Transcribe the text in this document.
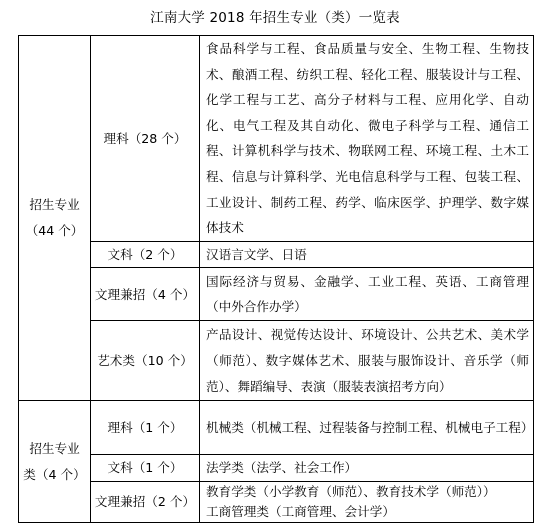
江南大学 2018 年招生专业（类）一览表
招生专业
（44 个）	理科（28 个）	食品科学与工程、食品质量与安全、生物工程、生物技术、酿酒工程、纺织工程、轻化工程、服装设计与工程、化学工程与工艺、高分子材料与工程、应用化学、自动化、电气工程及其自动化、微电子科学与工程、通信工程、计算机科学与技术、物联网工程、环境工程、土木工程、信息与计算科学、光电信息科学与工程、包装工程、工业设计、制药工程、药学、临床医学、护理学、数字媒体技术
	文科（2 个）	汉语言文学、日语
	文理兼招（4 个）	国际经济与贸易、金融学、工业工程、英语、工商管理（中外合作办学）
	艺术类（10 个）	产品设计、视觉传达设计、环境设计、公共艺术、美术学（师范）、数字媒体艺术、服装与服饰设计、音乐学（师范）、舞蹈编导、表演（服装表演招考方向）

招生专业
类（4 个）	理科（1 个）	机械类（机械工程、过程装备与控制工程、机械电子工程）
	文科（1 个）	法学类（法学、社会工作）
	文理兼招（2 个）	教育学类（小学教育（师范）、教育技术学（师范））
工商管理类（工商管理、会计学）
